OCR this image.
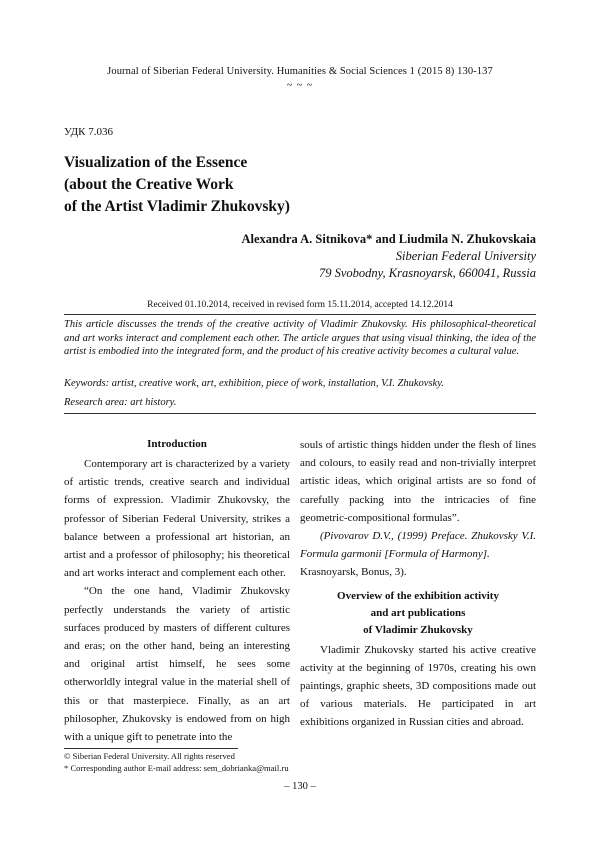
Journal of Siberian Federal University. Humanities & Social Sciences 1 (2015 8) 130-137
~ ~ ~
УДК 7.036
Visualization of the Essence
(about the Creative Work
of the Artist Vladimir Zhukovsky)
Alexandra A. Sitnikova* and Liudmila N. Zhukovskaia
Siberian Federal University
79 Svobodny, Krasnoyarsk, 660041, Russia
Received 01.10.2014, received in revised form 15.11.2014, accepted 14.12.2014
This article discusses the trends of the creative activity of Vladimir Zhukovsky. His philosophical-theoretical and art works interact and complement each other. The article argues that using visual thinking, the idea of the artist is embodied into the integrated form, and the product of his creative activity becomes a cultural value.
Keywords: artist, creative work, art, exhibition, piece of work, installation, V.I. Zhukovsky.
Research area: art history.

Introduction

Contemporary art is characterized by a variety of artistic trends, creative search and individual forms of expression. Vladimir Zhukovsky, the professor of Siberian Federal University, strikes a balance between a professional art historian, an artist and a professor of philosophy; his theoretical and art works interact and complement each other.

“On the one hand, Vladimir Zhukovsky perfectly understands the variety of artistic surfaces produced by masters of different cultures and eras; on the other hand, being an interesting and original artist himself, he sees some otherworldly integral value in the material shell of this or that masterpiece. Finally, as an art philosopher, Zhukovsky is endowed from on high with a unique gift to penetrate into the

souls of artistic things hidden under the flesh of lines and colours, to easily read and non-trivially interpret artistic ideas, which original artists are so fond of carefully packing into the intricacies of fine geometric-compositional formulas”.

(Pivovarov D.V., (1999) Preface. Zhukovsky V.I. Formula garmonii [Formula of Harmony].

Krasnoyarsk, Bonus, 3).

Overview of the exhibition activity
and art publications
of Vladimir Zhukovsky

Vladimir Zhukovsky started his active creative activity at the beginning of 1970s, creating his own paintings, graphic sheets, 3D compositions made out of various materials. He participated in art exhibitions organized in Russian cities and abroad.

© Siberian Federal University. All rights reserved
* Corresponding author E-mail address: sem_dobrianka@mail.ru
– 130 –
